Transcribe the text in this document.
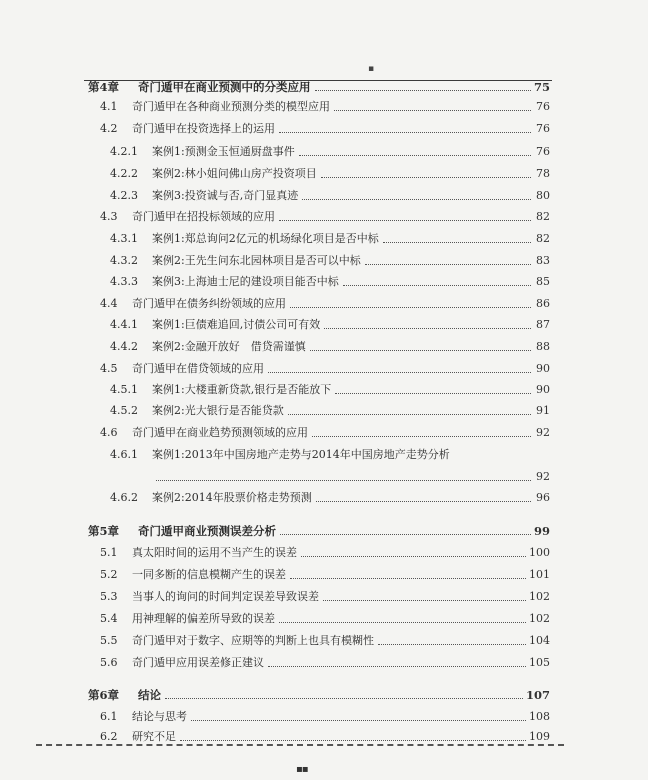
▪
第4章	奇门遁甲在商业预测中的分类应用	75
4.1	奇门遁甲在各种商业预测分类的模型应用	76
4.2	奇门遁甲在投资选择上的运用	76
4.2.1	案例1:预测金玉恒通厨盘事件	76
4.2.2	案例2:林小姐问佛山房产投资项目	78
4.2.3	案例3:投资诚与否,奇门显真迹	80
4.3	奇门遁甲在招投标领域的应用	82
4.3.1	案例1:郑总询问2亿元的机场绿化项目是否中标	82
4.3.2	案例2:王先生问东北园林项目是否可以中标	83
4.3.3	案例3:上海迪士尼的建设项目能否中标	85
4.4	奇门遁甲在债务纠纷领域的应用	86
4.4.1	案例1:巨债难追回,讨债公司可有效	87
4.4.2	案例2:金融开放好　借贷需谨慎	88
4.5	奇门遁甲在借贷领域的应用	90
4.5.1	案例1:大楼重新贷款,银行是否能放下	90
4.5.2	案例2:光大银行是否能贷款	91
4.6	奇门遁甲在商业趋势预测领域的应用	92
4.6.1	案例1:2013年中国房地产走势与2014年中国房地产走势分析
92
4.6.2	案例2:2014年股票价格走势预测	96
第5章	奇门遁甲商业预测误差分析	99
5.1	真太阳时间的运用不当产生的误差	100
5.2	一同多断的信息模糊产生的误差	101
5.3	当事人的询问的时间判定误差导致误差	102
5.4	用神理解的偏差所导致的误差	102
5.5	奇门遁甲对于数字、应期等的判断上也具有模糊性	104
5.6	奇门遁甲应用误差修正建议	105
第6章	结论	107
6.1	结论与思考	108
6.2	研究不足	109
▪▪
